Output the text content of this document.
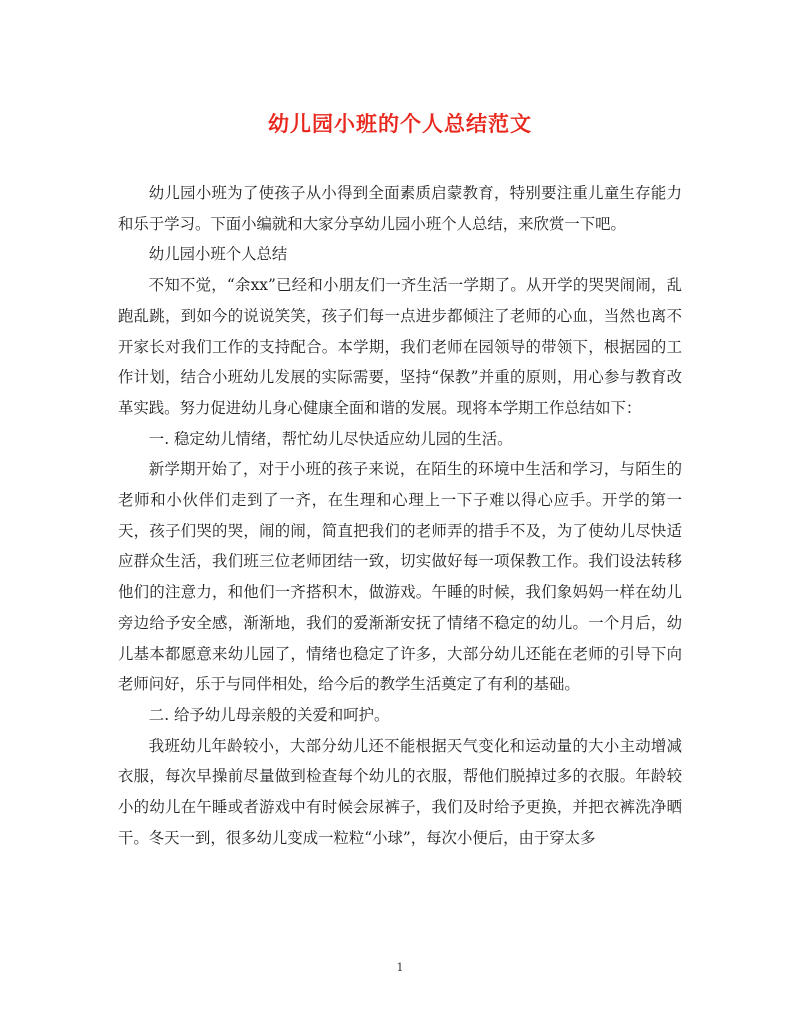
幼儿园小班的个人总结范文

幼儿园小班为了使孩子从小得到全面素质启蒙教育，特别要注重儿童生存能力和乐于学习。下面小编就和大家分享幼儿园小班个人总结，来欣赏一下吧。

幼儿园小班个人总结

不知不觉，“余xx”已经和小朋友们一齐生活一学期了。从开学的哭哭闹闹，乱跑乱跳，到如今的说说笑笑，孩子们每一点进步都倾注了老师的心血，当然也离不开家长对我们工作的支持配合。本学期，我们老师在园领导的带领下，根据园的工作计划，结合小班幼儿发展的实际需要，坚持“保教”并重的原则，用心参与教育改革实践。努力促进幼儿身心健康全面和谐的发展。现将本学期工作总结如下：

一. 稳定幼儿情绪，帮忙幼儿尽快适应幼儿园的生活。

新学期开始了，对于小班的孩子来说，在陌生的环境中生活和学习，与陌生的老师和小伙伴们走到了一齐，在生理和心理上一下子难以得心应手。开学的第一天，孩子们哭的哭，闹的闹，简直把我们的老师弄的措手不及，为了使幼儿尽快适应群众生活，我们班三位老师团结一致，切实做好每一项保教工作。我们设法转移他们的注意力，和他们一齐搭积木，做游戏。午睡的时候，我们象妈妈一样在幼儿旁边给予安全感，渐渐地，我们的爱渐渐安抚了情绪不稳定的幼儿。一个月后，幼儿基本都愿意来幼儿园了，情绪也稳定了许多，大部分幼儿还能在老师的引导下向老师问好，乐于与同伴相处，给今后的教学生活奠定了有利的基础。

二. 给予幼儿母亲般的关爱和呵护。

我班幼儿年龄较小，大部分幼儿还不能根据天气变化和运动量的大小主动增减衣服，每次早操前尽量做到检查每个幼儿的衣服，帮他们脱掉过多的衣服。年龄较小的幼儿在午睡或者游戏中有时候会尿裤子，我们及时给予更换，并把衣裤洗净晒干。冬天一到，很多幼儿变成一粒粒“小球”，每次小便后，由于穿太多

1
